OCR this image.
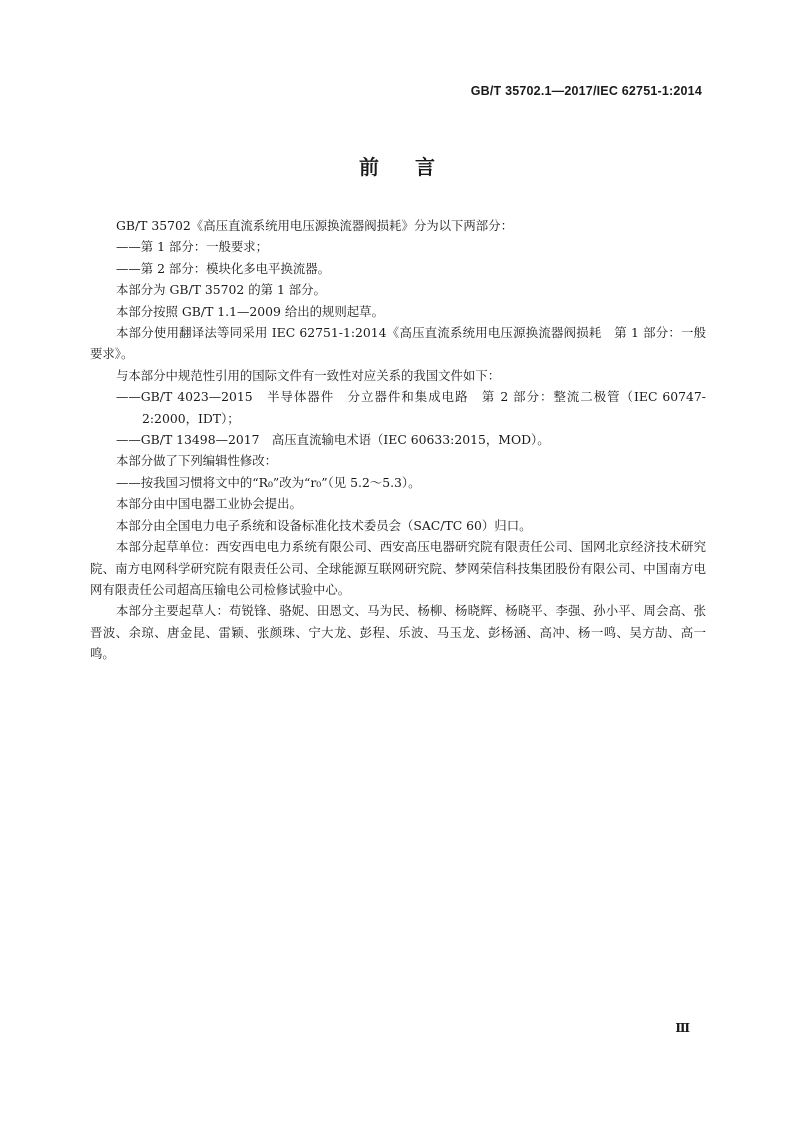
GB/T 35702.1—2017/IEC 62751-1:2014
前言

GB/T 35702《高压直流系统用电压源换流器阀损耗》分为以下两部分：

——第 1 部分：一般要求；

——第 2 部分：模块化多电平换流器。

本部分为 GB/T 35702 的第 1 部分。

本部分按照 GB/T 1.1—2009 给出的规则起草。

本部分使用翻译法等同采用 IEC 62751-1:2014《高压直流系统用电压源换流器阀损耗　第 1 部分：一般要求》。

与本部分中规范性引用的国际文件有一致性对应关系的我国文件如下：

——GB/T 4023—2015　半导体器件　分立器件和集成电路　第 2 部分：整流二极管（IEC 60747-2:2000，IDT）；

——GB/T 13498—2017　高压直流输电术语（IEC 60633:2015，MOD）。

本部分做了下列编辑性修改：

——按我国习惯将文中的“R₀”改为“r₀”（见 5.2～5.3）。

本部分由中国电器工业协会提出。

本部分由全国电力电子系统和设备标准化技术委员会（SAC/TC 60）归口。

本部分起草单位：西安西电电力系统有限公司、西安高压电器研究院有限责任公司、国网北京经济技术研究院、南方电网科学研究院有限责任公司、全球能源互联网研究院、梦网荣信科技集团股份有限公司、中国南方电网有限责任公司超高压输电公司检修试验中心。

本部分主要起草人：苟锐锋、骆妮、田恩文、马为民、杨柳、杨晓辉、杨晓平、李强、孙小平、周会高、张晋波、余琼、唐金昆、雷颖、张颜珠、宁大龙、彭程、乐波、马玉龙、彭杨涵、高冲、杨一鸣、吴方劼、高一鸣。

Ⅲ
